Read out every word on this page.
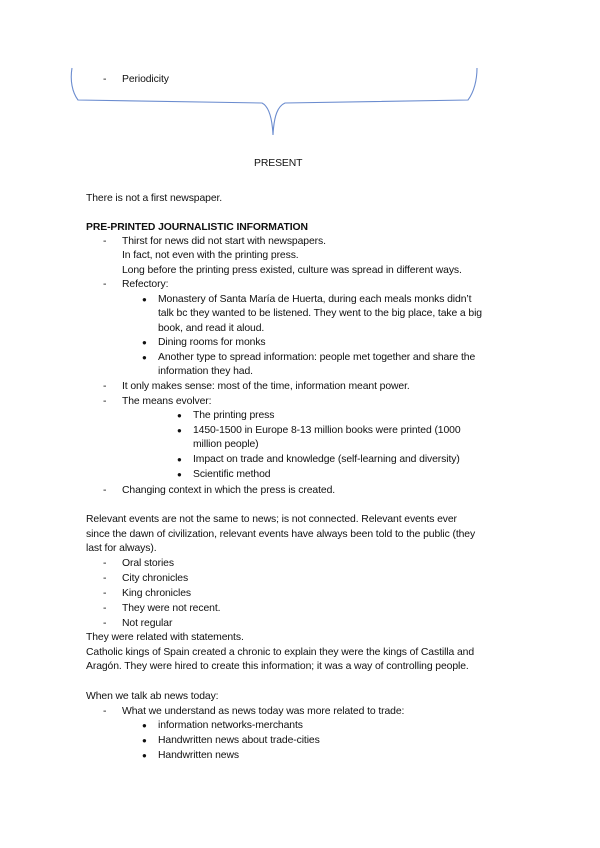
- Periodicity
PRESENT
There is not a first newspaper.
PRE-PRINTED JOURNALISTIC INFORMATION
- Thirst for news did not start with newspapers.
In fact, not even with the printing press.
Long before the printing press existed, culture was spread in different ways.
- Refectory:
● Monastery of Santa María de Huerta, during each meals monks didn’t
talk bc they wanted to be listened. They went to the big place, take a big
book, and read it aloud.
● Dining rooms for monks
● Another type to spread information: people met together and share the
information they had.
- It only makes sense: most of the time, information meant power.
- The means evolver:
● The printing press
● 1450-1500 in Europe 8-13 million books were printed (1000
million people)
● Impact on trade and knowledge (self-learning and diversity)
● Scientific method
- Changing context in which the press is created.
Relevant events are not the same to news; is not connected. Relevant events ever
since the dawn of civilization, relevant events have always been told to the public (they
last for always).
- Oral stories
- City chronicles
- King chronicles
- They were not recent.
- Not regular
They were related with statements.
Catholic kings of Spain created a chronic to explain they were the kings of Castilla and
Aragón. They were hired to create this information; it was a way of controlling people.
When we talk ab news today:
- What we understand as news today was more related to trade:
● information networks-merchants
● Handwritten news about trade-cities
● Handwritten news
